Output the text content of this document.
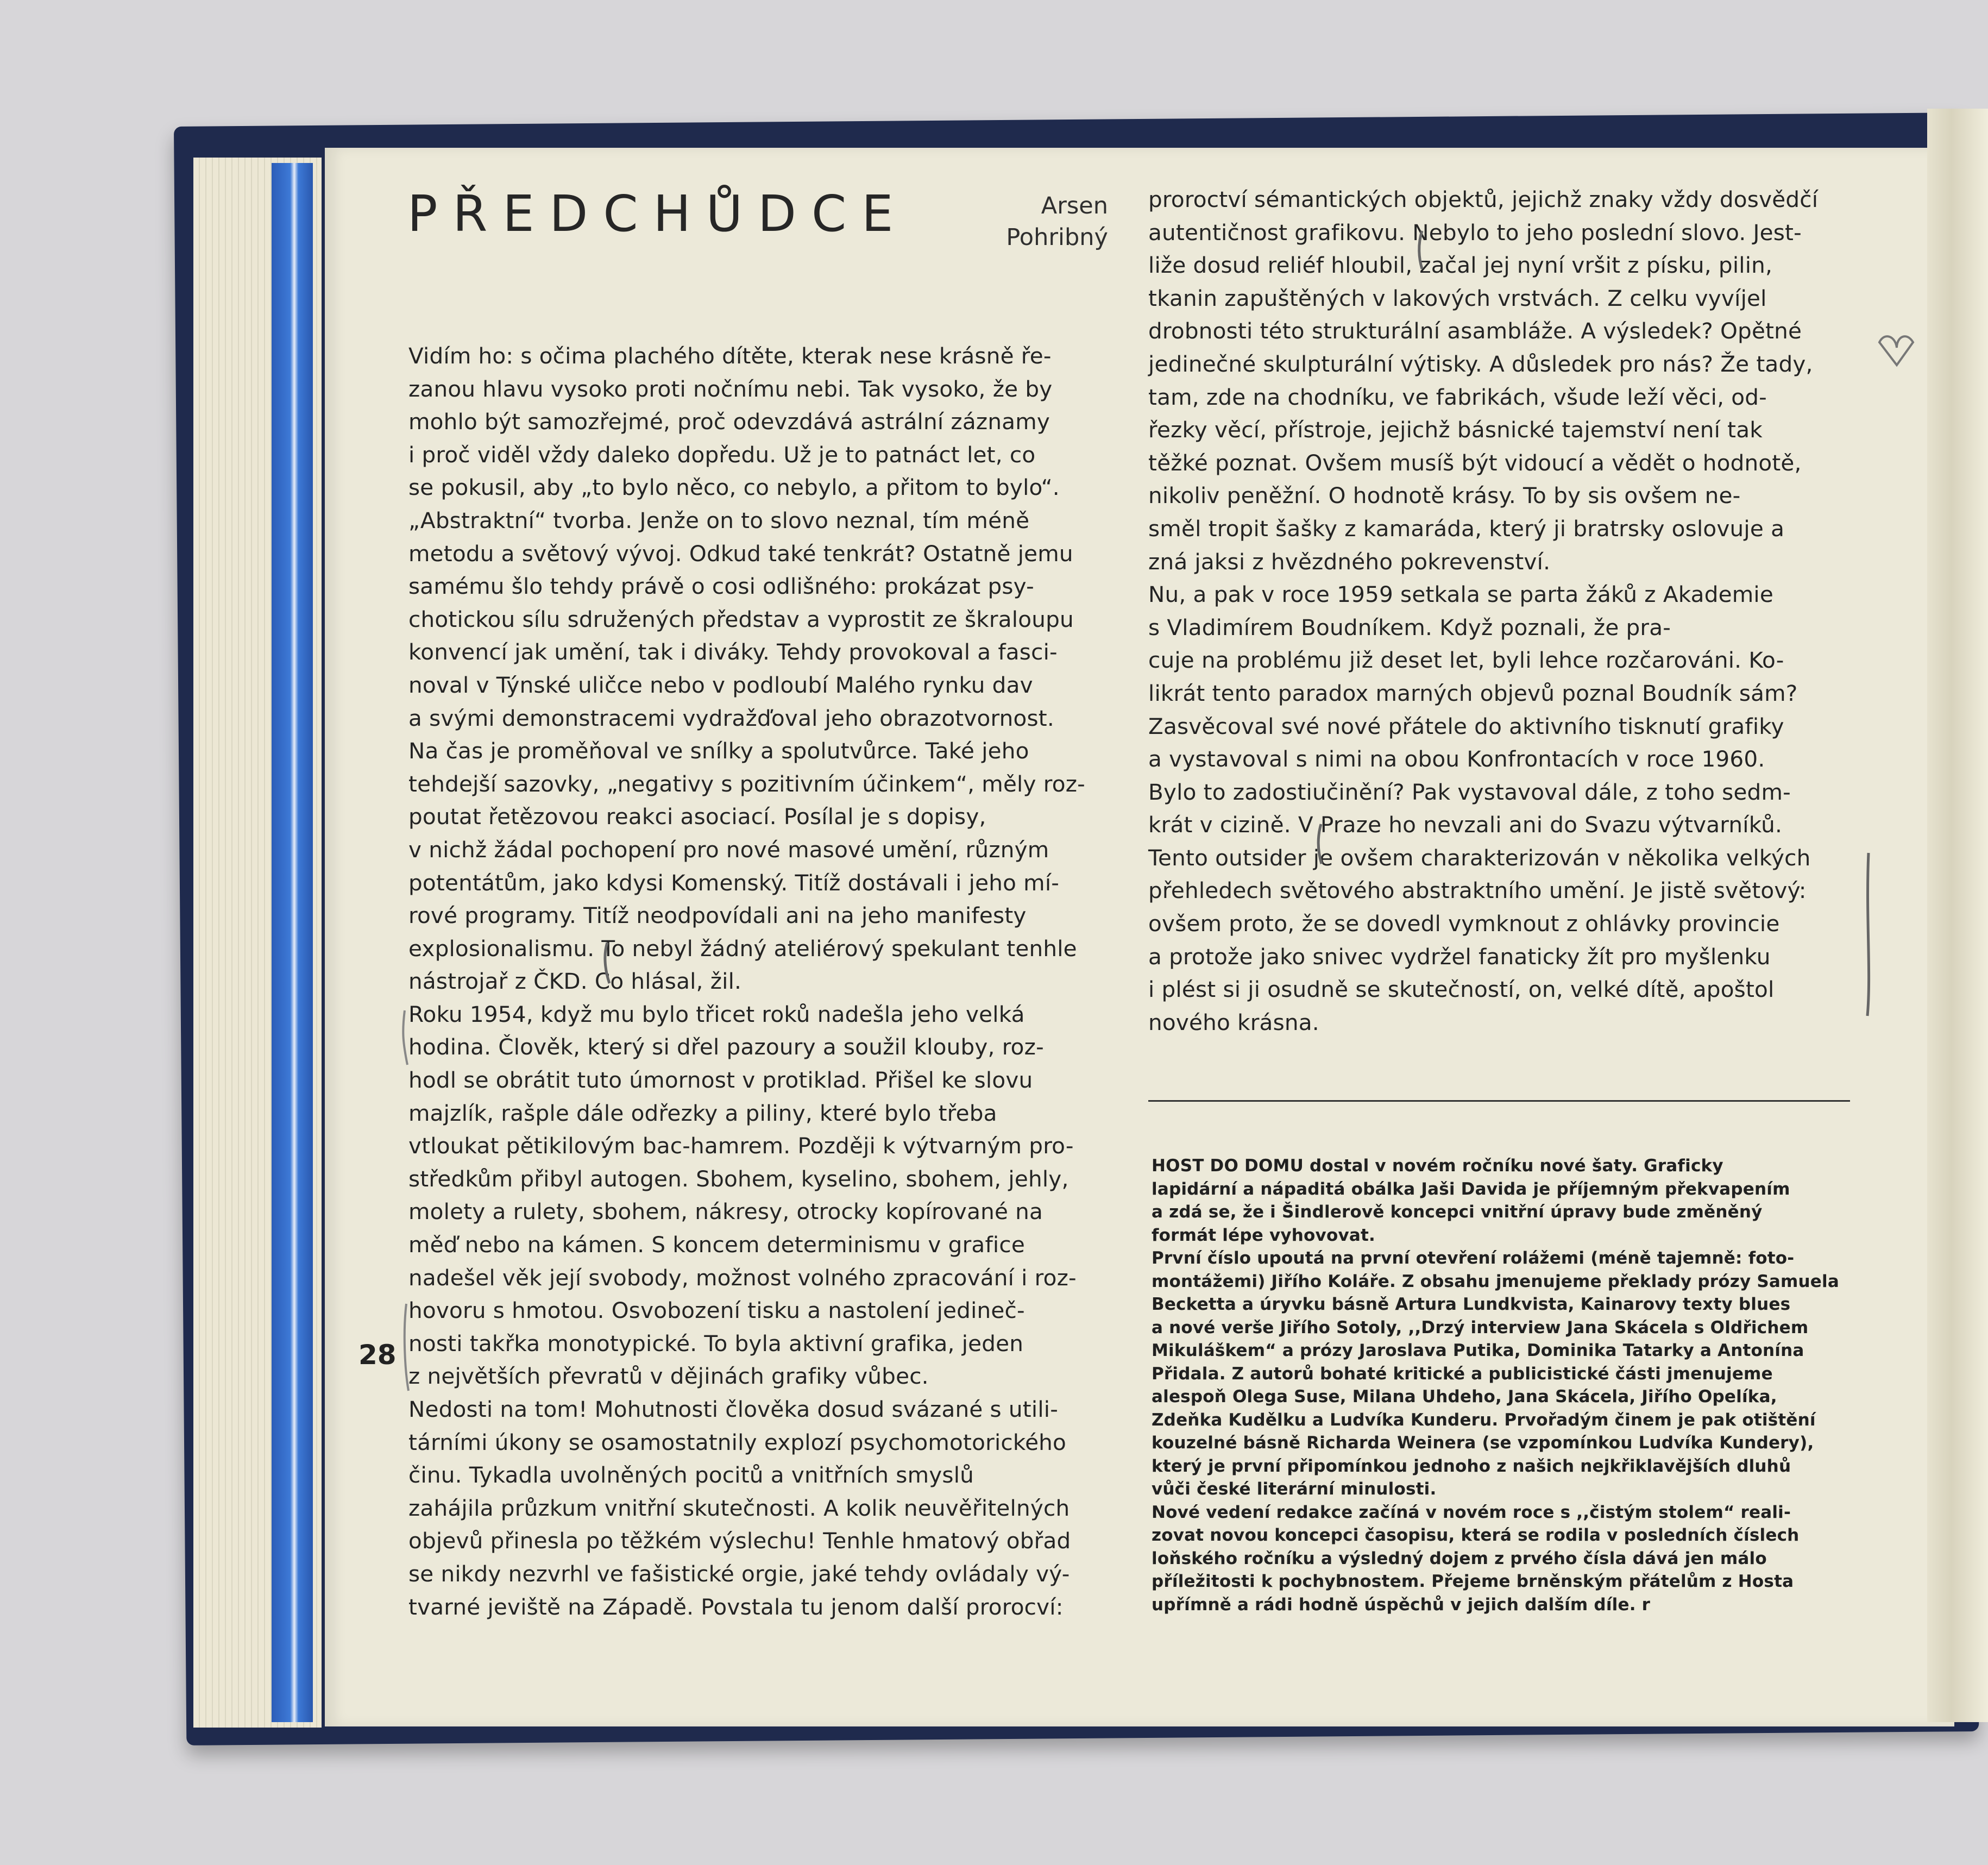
PŘEDCHŮDCE	Arsen
Pohribný
Vidím ho: s očima plachého dítěte, kterak nese krásně ře-
zanou hlavu vysoko proti nočnímu nebi. Tak vysoko, že by
mohlo být samozřejmé, proč odevzdává astrální záznamy
i proč viděl vždy daleko dopředu. Už je to patnáct let, co
se pokusil, aby „to bylo něco, co nebylo, a přitom to bylo“.
„Abstraktní“ tvorba. Jenže on to slovo neznal, tím méně
metodu a světový vývoj. Odkud také tenkrát? Ostatně jemu
samému šlo tehdy právě o cosi odlišného: prokázat psy-
chotickou sílu sdružených představ a vyprostit ze škraloupu
konvencí jak umění, tak i diváky. Tehdy provokoval a fasci-
noval v Týnské uličce nebo v podloubí Malého rynku dav
a svými demonstracemi vydražďoval jeho obrazotvornost.
Na čas je proměňoval ve snílky a spolutvůrce. Také jeho
tehdejší sazovky, „negativy s pozitivním účinkem“, měly roz-
poutat řetězovou reakci asociací. Posílal je s dopisy,
v nichž žádal pochopení pro nové masové umění, různým
potentátům, jako kdysi Komenský. Titíž dostávali i jeho mí-
rové programy. Titíž neodpovídali ani na jeho manifesty
explosionalismu. To nebyl žádný ateliérový spekulant tenhle
nástrojař z ČKD. Co hlásal, žil.
Roku 1954, když mu bylo třicet roků nadešla jeho velká
hodina. Člověk, který si dřel pazoury a soužil klouby, roz-
hodl se obrátit tuto úmornost v protiklad. Přišel ke slovu
majzlík, rašple dále odřezky a piliny, které bylo třeba
vtloukat pětikilovým bac-hamrem. Později k výtvarným pro-
středkům přibyl autogen. Sbohem, kyselino, sbohem, jehly,
molety a rulety, sbohem, nákresy, otrocky kopírované na
měď nebo na kámen. S koncem determinismu v grafice
nadešel věk její svobody, možnost volného zpracování i roz-
hovoru s hmotou. Osvobození tisku a nastolení jedineč-
nosti takřka monotypické. To byla aktivní grafika, jeden
z největších převratů v dějinách grafiky vůbec.
Nedosti na tom! Mohutnosti člověka dosud svázané s utili-
tárními úkony se osamostatnily explozí psychomotorického
činu. Tykadla uvolněných pocitů a vnitřních smyslů
zahájila průzkum vnitřní skutečnosti. A kolik neuvěřitelných
objevů přinesla po těžkém výslechu! Tenhle hmatový obřad
se nikdy nezvrhl ve fašistické orgie, jaké tehdy ovládaly vý-
tvarné jeviště na Západě. Povstala tu jenom další prorocví:
proroctví sémantických objektů, jejichž znaky vždy dosvědčí
autentičnost grafikovu. Nebylo to jeho poslední slovo. Jest-
liže dosud reliéf hloubil, začal jej nyní vršit z písku, pilin,
tkanin zapuštěných v lakových vrstvách. Z celku vyvíjel
drobnosti této strukturální asambláže. A výsledek? Opětné
jedinečné skulpturální výtisky. A důsledek pro nás? Že tady,
tam, zde na chodníku, ve fabrikách, všude leží věci, od-
řezky věcí, přístroje, jejichž básnické tajemství není tak
těžké poznat. Ovšem musíš být vidoucí a vědět o hodnotě,
nikoliv peněžní. O hodnotě krásy. To by sis ovšem ne-
směl tropit šašky z kamaráda, který ji bratrsky oslovuje a
zná jaksi z hvězdného pokrevenství.
Nu, a pak v roce 1959 setkala se parta žáků z Akademie
s Vladimírem Boudníkem. Když poznali, že pra-
cuje na problému již deset let, byli lehce rozčarováni. Ko-
likrát tento paradox marných objevů poznal Boudník sám?
Zasvěcoval své nové přátele do aktivního tisknutí grafiky
a vystavoval s nimi na obou Konfrontacích v roce 1960.
Bylo to zadostiučinění? Pak vystavoval dále, z toho sedm-
krát v cizině. V Praze ho nevzali ani do Svazu výtvarníků.
Tento outsider je ovšem charakterizován v několika velkých
přehledech světového abstraktního umění. Je jistě světový:
ovšem proto, že se dovedl vymknout z ohlávky provincie
a protože jako snivec vydržel fanaticky žít pro myšlenku
i plést si ji osudně se skutečností, on, velké dítě, apoštol
nového krásna.
28
HOST DO DOMU dostal v novém ročníku nové šaty. Graficky
lapidární a nápaditá obálka Jaši Davida je příjemným překvapením
a zdá se, že i Šindlerově koncepci vnitřní úpravy bude změněný
formát lépe vyhovovat.
První číslo upoutá na první otevření rolážemi (méně tajemně: foto-
montážemi) Jiřího Koláře. Z obsahu jmenujeme překlady prózy Samuela
Becketta a úryvku básně Artura Lundkvista, Kainarovy texty blues
a nové verše Jiřího Sotoly, ,,Drzý interview Jana Skácela s Oldřichem
Mikuláškem“ a prózy Jaroslava Putika, Dominika Tatarky a Antonína
Přidala. Z autorů bohaté kritické a publicistické části jmenujeme
alespoň Olega Suse, Milana Uhdeho, Jana Skácela, Jiřího Opelíka,
Zdeňka Kudělku a Ludvíka Kunderu. Prvořadým činem je pak otištění
kouzelné básně Richarda Weinera (se vzpomínkou Ludvíka Kundery),
který je první připomínkou jednoho z našich nejkřiklavějších dluhů
vůči české literární minulosti.
Nové vedení redakce začíná v novém roce s ,,čistým stolem“ reali-
zovat novou koncepci časopisu, která se rodila v posledních číslech
loňského ročníku a výsledný dojem z prvého čísla dává jen málo
příležitosti k pochybnostem. Přejeme brněnským přátelům z Hosta
upřímně a rádi hodně úspěchů v jejich dalším díle. r
